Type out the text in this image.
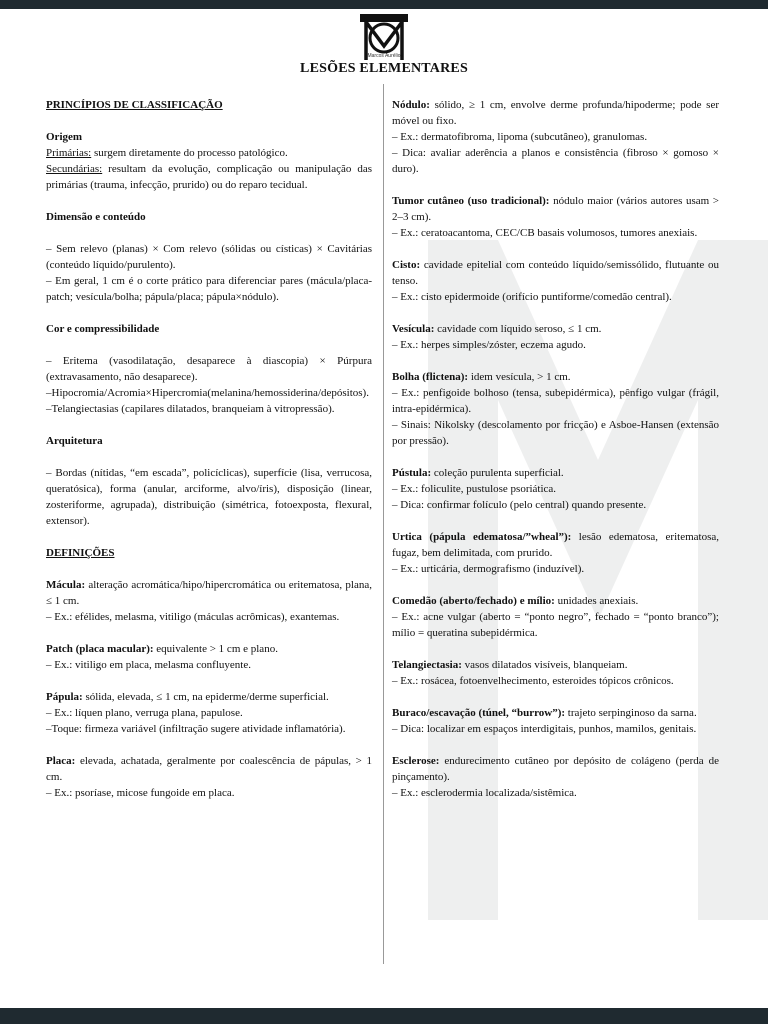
Marcos Aurélio
LESÕES ELEMENTARES

PRINCÍPIOS DE CLASSIFICAÇÃO

Origem

Primárias: surgem diretamente do processo patológico.

Secundárias: resultam da evolução, complicação ou manipulação das primárias (trauma, infecção, prurido) ou do reparo tecidual.

Dimensão e conteúdo

– Sem relevo (planas) × Com relevo (sólidas ou císticas) × Cavitárias (conteúdo líquido/purulento).

– Em geral, 1 cm é o corte prático para diferenciar pares (mácula/placa-patch; vesícula/bolha; pápula/placa; pápula×nódulo).

Cor e compressibilidade

– Eritema (vasodilatação, desaparece à diascopia) × Púrpura (extravasamento, não desaparece).

–Hipocromia/Acromia×Hipercromia(melanina/hemossiderina/depósitos).

–Telangiectasias (capilares dilatados, branqueiam à vitropressão).

Arquitetura

– Bordas (nítidas, “em escada”, policíclicas), superfície (lisa, verrucosa, queratósica), forma (anular, arciforme, alvo/íris), disposição (linear, zosteriforme, agrupada), distribuição (simétrica, fotoexposta, flexural, extensor).

DEFINIÇÕES

Mácula: alteração acromática/hipo/hipercromática ou eritematosa, plana, ≤ 1 cm.

– Ex.: efélides, melasma, vitiligo (máculas acrômicas), exantemas.

Patch (placa macular): equivalente > 1 cm e plano.

– Ex.: vitiligo em placa, melasma confluyente.

Pápula: sólida, elevada, ≤ 1 cm, na epiderme/derme superficial.

– Ex.: líquen plano, verruga plana, papulose.

–Toque: firmeza variável (infiltração sugere atividade inflamatória).

Placa: elevada, achatada, geralmente por coalescência de pápulas, > 1 cm.

– Ex.: psoríase, micose fungoide em placa.

Nódulo: sólido, ≥ 1 cm, envolve derme profunda/hipoderme; pode ser móvel ou fixo.

– Ex.: dermatofibroma, lipoma (subcutâneo), granulomas.

– Dica: avaliar aderência a planos e consistência (fibroso × gomoso × duro).

Tumor cutâneo (uso tradicional): nódulo maior (vários autores usam > 2–3 cm).

– Ex.: ceratoacantoma, CEC/CB basais volumosos, tumores anexiais.

Cisto: cavidade epitelial com conteúdo líquido/semissólido, flutuante ou tenso.

– Ex.: cisto epidermoide (orifício puntiforme/comedão central).

Vesícula: cavidade com líquido seroso, ≤ 1 cm.

– Ex.: herpes simples/zóster, eczema agudo.

Bolha (flictena): idem vesícula, > 1 cm.

– Ex.: penfigoide bolhoso (tensa, subepidérmica), pênfigo vulgar (frágil, intra-epidérmica).

– Sinais: Nikolsky (descolamento por fricção) e Asboe-Hansen (extensão por pressão).

Pústula: coleção purulenta superficial.

– Ex.: foliculite, pustulose psoriática.

– Dica: confirmar folículo (pelo central) quando presente.

Urtica (pápula edematosa/”wheal”): lesão edematosa, eritematosa, fugaz, bem delimitada, com prurido.

– Ex.: urticária, dermografismo (induzível).

Comedão (aberto/fechado) e mílio: unidades anexiais.

– Ex.: acne vulgar (aberto = “ponto negro”, fechado = “ponto branco”); mílio = queratina subepidérmica.

Telangiectasia: vasos dilatados visíveis, blanqueiam.

– Ex.: rosácea, fotoenvelhecimento, esteroides tópicos crônicos.

Buraco/escavação (túnel, “burrow”): trajeto serpinginoso da sarna.

– Dica: localizar em espaços interdigitais, punhos, mamilos, genitais.

Esclerose: endurecimento cutâneo por depósito de colágeno (perda de pinçamento).

– Ex.: esclerodermia localizada/sistêmica.
